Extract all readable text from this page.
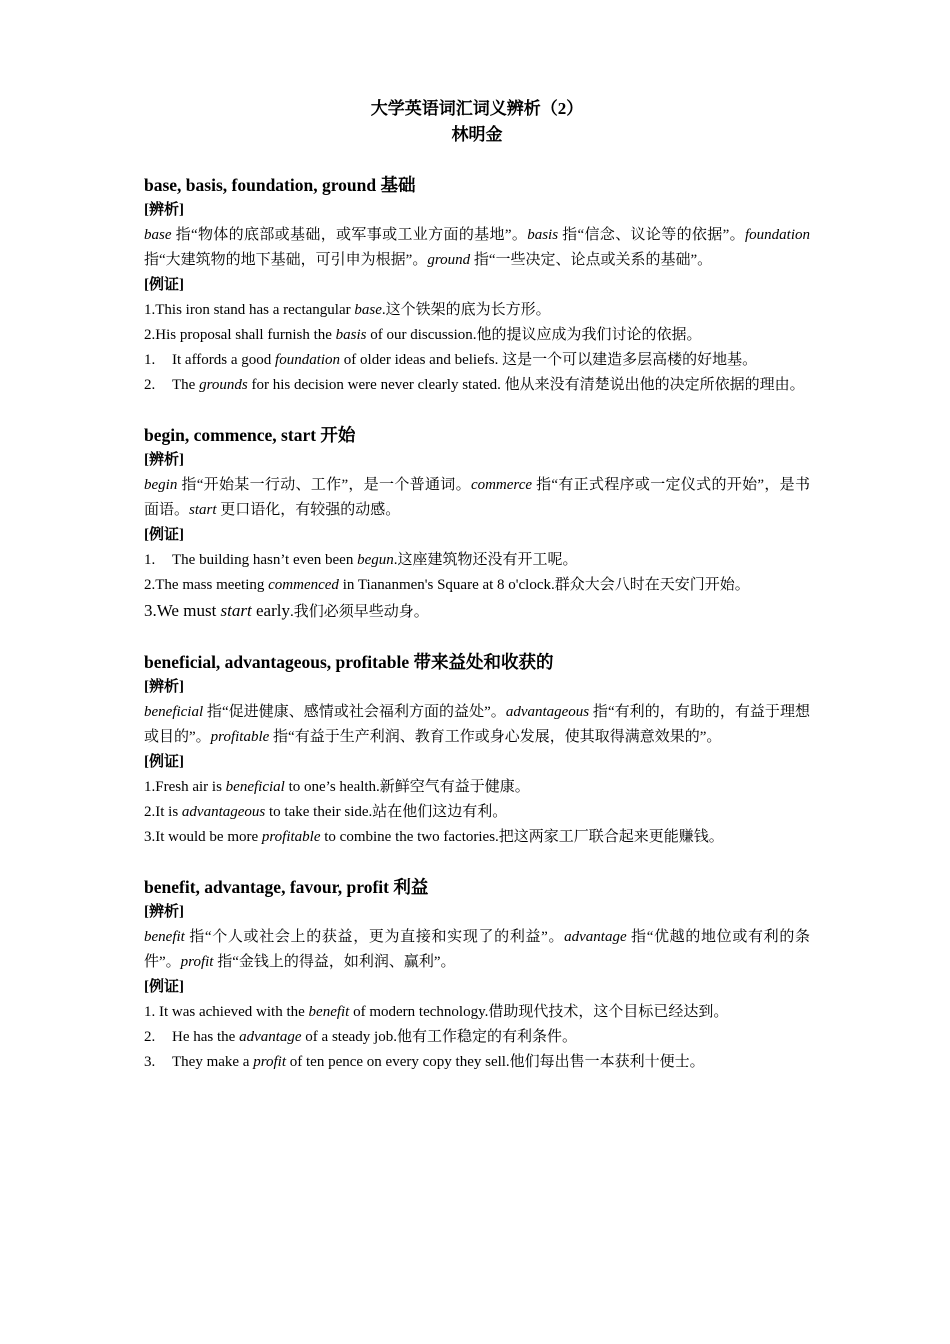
大学英语词汇词义辨析（2）
林明金
base, basis, foundation, ground 基础
[辨析]
base 指“物体的底部或基础，或军事或工业方面的基地”。basis 指“信念、议论等的依据”。foundation 指“大建筑物的地下基础，可引申为根据”。ground 指“一些决定、论点或关系的基础”。
[例证]
1.This iron stand has a rectangular base.这个铁架的底为长方形。
2.His proposal shall furnish the basis of our discussion.他的提议应成为我们讨论的依据。
1. It affords a good foundation of older ideas and beliefs. 这是一个可以建造多层高楼的好地基。
2. The grounds for his decision were never clearly stated. 他从来没有清楚说出他的决定所依据的理由。
begin, commence, start 开始
[辨析]
begin 指“开始某一行动、工作”，是一个普通词。commerce 指“有正式程序或一定仪式的开始”，是书面语。start 更口语化，有较强的动感。
[例证]
1. The building hasn’t even been begun.这座建筑物还没有开工呢。
2.The mass meeting commenced in Tiananmen's Square at 8 o'clock.群众大会八时在天安门开始。
3.We must start early.我们必须早些动身。
beneficial, advantageous, profitable 带来益处和收获的
[辨析]
beneficial 指“促进健康、感情或社会福利方面的益处”。advantageous 指“有利的，有助的，有益于理想或目的”。profitable 指“有益于生产利润、教育工作或身心发展，使其取得满意效果的”。
[例证]
1.Fresh air is beneficial to one’s health.新鲜空气有益于健康。
2.It is advantageous to take their side.站在他们这边有利。
3.It would be more profitable to combine the two factories.把这两家工厂联合起来更能赚钱。
benefit, advantage, favour, profit 利益
[辨析]
benefit 指“个人或社会上的获益，更为直接和实现了的利益”。advantage 指“优越的地位或有利的条件”。profit 指“金钱上的得益，如利润、赢利”。
[例证]
1. It was achieved with the benefit of modern technology.借助现代技术，这个目标已经达到。
2. He has the advantage of a steady job.他有工作稳定的有利条件。
3. They make a profit of ten pence on every copy they sell.他们每出售一本获利十便士。
